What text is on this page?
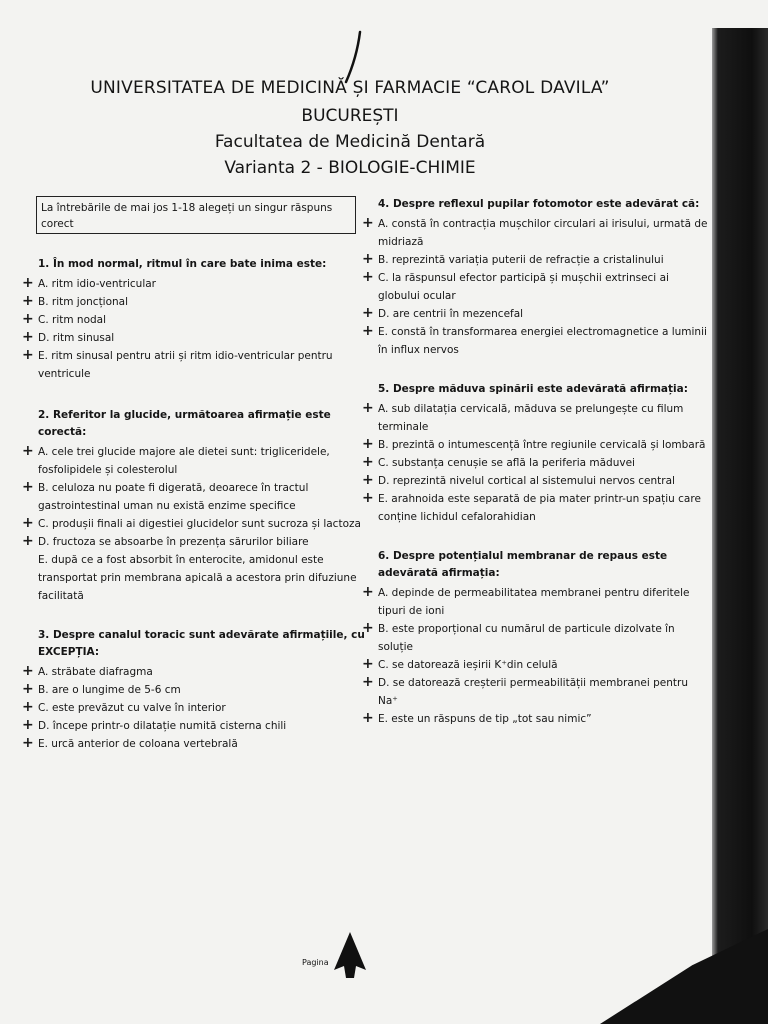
UNIVERSITATEA DE MEDICINĂ ȘI FARMACIE “CAROL DAVILA”
BUCUREȘTI
Facultatea de Medicină Dentară
Varianta 2 - BIOLOGIE-CHIMIE
La întrebările de mai jos 1-18 alegeți un singur răspuns corect

1. În mod normal, ritmul în care bate inima este:

+ A. ritm idio-ventricular
+ B. ritm joncțional
+ C. ritm nodal
+ D. ritm sinusal
+ E. ritm sinusal pentru atrii și ritm idio-ventricular pentru ventricule

2. Referitor la glucide, următoarea afirmație este corectă:

+ A. cele trei glucide majore ale dietei sunt: trigliceridele, fosfolipidele și colesterolul
+ B. celuloza nu poate fi digerată, deoarece în tractul gastrointestinal uman nu există enzime specifice
+ C. produșii finali ai digestiei glucidelor sunt sucroza și lactoza
+ D. fructoza se absoarbe în prezența sărurilor biliare
E. după ce a fost absorbit în enterocite, amidonul este transportat prin membrana apicală a acestora prin difuziune facilitată

3. Despre canalul toracic sunt adevărate afirmațiile, cu EXCEPȚIA:

+ A. străbate diafragma
+ B. are o lungime de 5-6 cm
+ C. este prevăzut cu valve în interior
+ D. începe printr-o dilatație numită cisterna chili
+ E. urcă anterior de coloana vertebrală

4. Despre reflexul pupilar fotomotor este adevărat că:

+ A. constă în contracția mușchilor circulari ai irisului, urmată de midriază
+ B. reprezintă variația puterii de refracție a cristalinului
+ C. la răspunsul efector participă și mușchii extrinseci ai globului ocular
+ D. are centrii în mezencefal
+ E. constă în transformarea energiei electromagnetice a luminii în influx nervos

5. Despre măduva spinării este adevărată afirmația:

+ A. sub dilatația cervicală, măduva se prelungește cu filum terminale
+ B. prezintă o intumescență între regiunile cervicală și lombară
+ C. substanța cenușie se află la periferia măduvei
+ D. reprezintă nivelul cortical al sistemului nervos central
+ E. arahnoida este separată de pia mater printr-un spațiu care conține lichidul cefalorahidian

6. Despre potențialul membranar de repaus este adevărată afirmația:

+ A. depinde de permeabilitatea membranei pentru diferitele tipuri de ioni
+ B. este proporțional cu numărul de particule dizolvate în soluție
+ C. se datorează ieșirii K⁺din celulă
+ D. se datorează creșterii permeabilității membranei pentru Na⁺
+ E. este un răspuns de tip „tot sau nimic”
Pagina
